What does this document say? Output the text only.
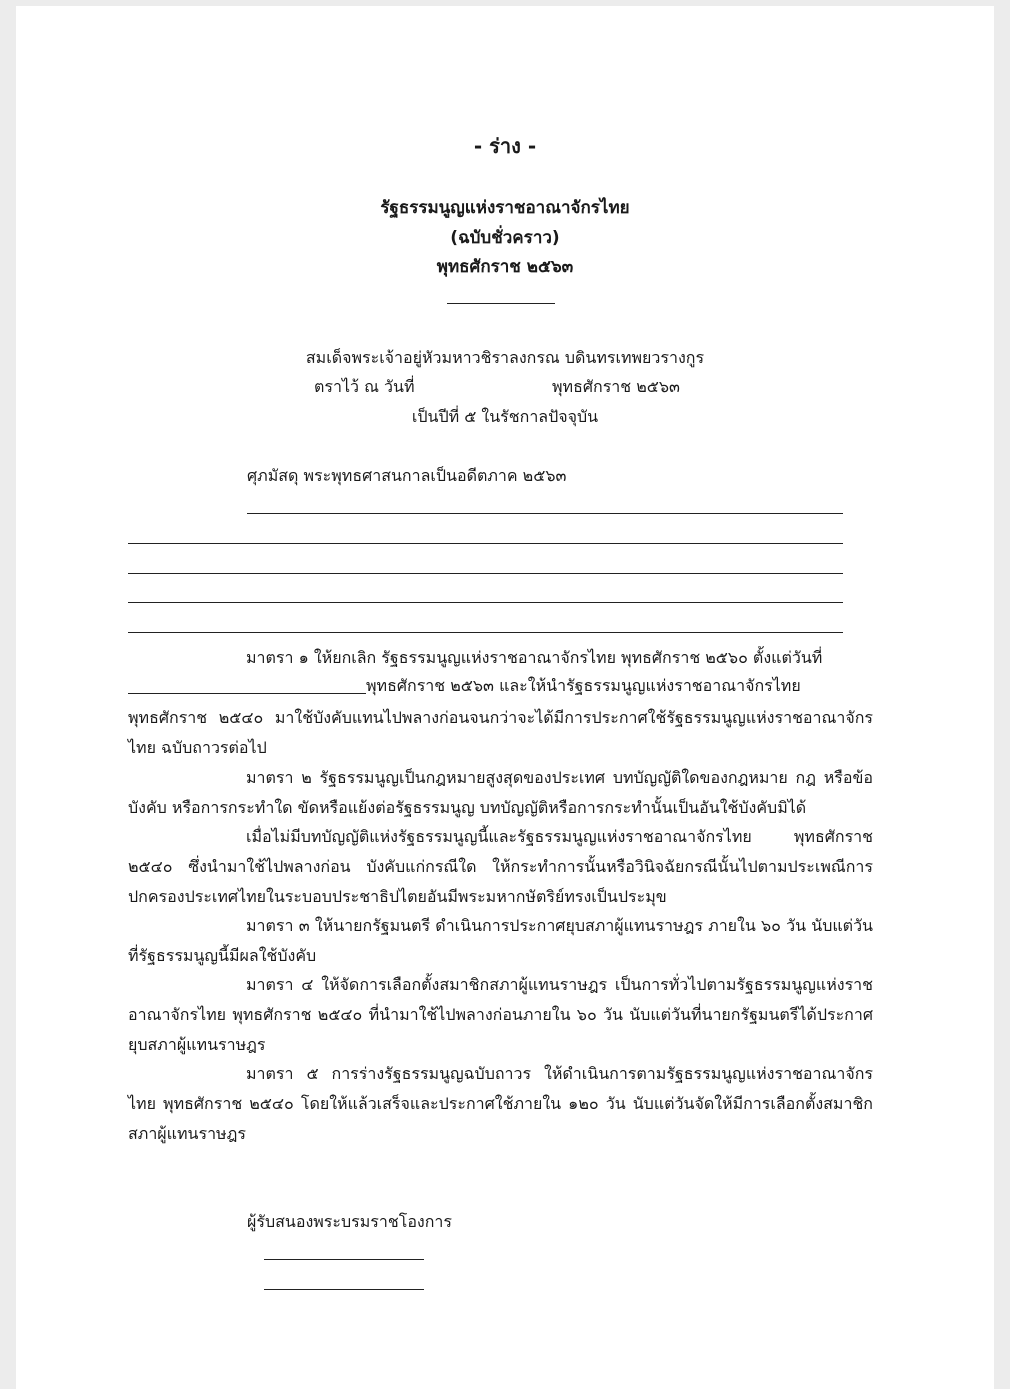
- ร่าง -
รัฐธรรมนูญแห่งราชอาณาจักรไทย
(ฉบับชั่วคราว)
พุทธศักราช ๒๕๖๓
สมเด็จพระเจ้าอยู่หัวมหาวชิราลงกรณ บดินทรเทพยวรางกูร
ตราไว้ ณ วันที่	พุทธศักราช ๒๕๖๓
เป็นปีที่ ๕ ในรัชกาลปัจจุบัน
ศุภมัสดุ พระพุทธศาสนกาลเป็นอดีตภาค ๒๕๖๓
มาตรา ๑ ให้ยกเลิก รัฐธรรมนูญแห่งราชอาณาจักรไทย พุทธศักราช ๒๕๖๐ ตั้งแต่วันที่
พุทธศักราช ๒๕๖๓ และให้นำรัฐธรรมนูญแห่งราชอาณาจักรไทย
พุทธศักราช ๒๕๔๐ มาใช้บังคับแทนไปพลางก่อนจนกว่าจะได้มีการประกาศใช้รัฐธรรมนูญแห่งราชอาณาจักร ไทย ฉบับถาวรต่อไป
มาตรา ๒ รัฐธรรมนูญเป็นกฎหมายสูงสุดของประเทศ บทบัญญัติใดของกฎหมาย กฎ หรือข้อบังคับ หรือการกระทำใด ขัดหรือแย้งต่อรัฐธรรมนูญ บทบัญญัติหรือการกระทำนั้นเป็นอันใช้บังคับมิได้
เมื่อไม่มีบทบัญญัติแห่งรัฐธรรมนูญนี้และรัฐธรรมนูญแห่งราชอาณาจักรไทย พุทธศักราช ๒๕๔๐ ซึ่งนำมาใช้ไปพลางก่อน บังคับแก่กรณีใด ให้กระทำการนั้นหรือวินิจฉัยกรณีนั้นไปตามประเพณีการปกครองประเทศไทยในระบอบประชาธิปไตยอันมีพระมหากษัตริย์ทรงเป็นประมุข
มาตรา ๓ ให้นายกรัฐมนตรี ดำเนินการประกาศยุบสภาผู้แทนราษฎร ภายใน ๖๐ วัน นับแต่วันที่รัฐธรรมนูญนี้มีผลใช้บังคับ
มาตรา ๔ ให้จัดการเลือกตั้งสมาชิกสภาผู้แทนราษฎร เป็นการทั่วไปตามรัฐธรรมนูญแห่งราชอาณาจักรไทย พุทธศักราช ๒๕๔๐ ที่นำมาใช้ไปพลางก่อนภายใน ๖๐ วัน นับแต่วันที่นายกรัฐมนตรีได้ประกาศยุบสภาผู้แทนราษฎร
มาตรา ๕ การร่างรัฐธรรมนูญฉบับถาวร ให้ดำเนินการตามรัฐธรรมนูญแห่งราชอาณาจักรไทย พุทธศักราช ๒๕๔๐ โดยให้แล้วเสร็จและประกาศใช้ภายใน ๑๒๐ วัน นับแต่วันจัดให้มีการเลือกตั้งสมาชิกสภาผู้แทนราษฎร
ผู้รับสนองพระบรมราชโองการ
